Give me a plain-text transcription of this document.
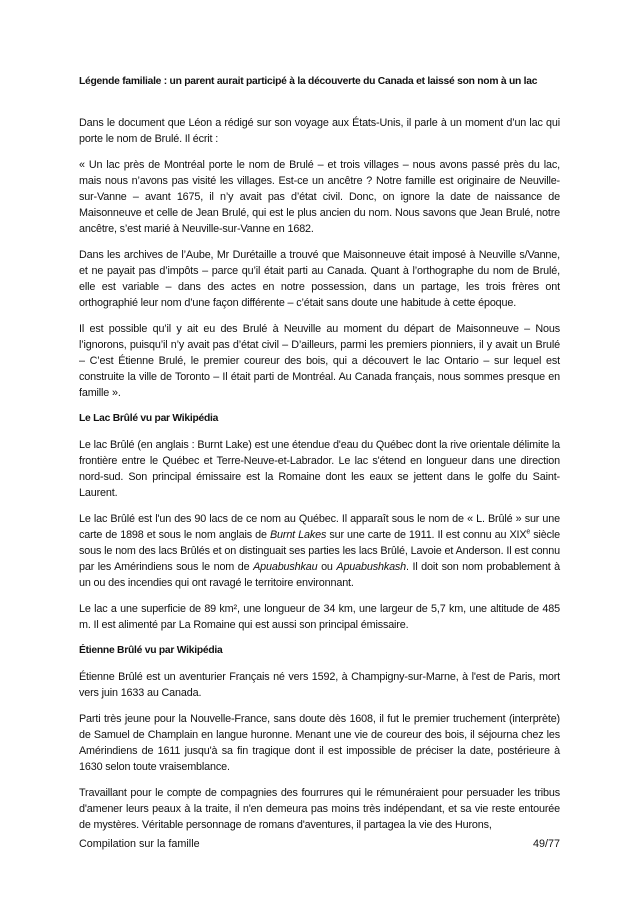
Légende familiale : un parent aurait participé à la découverte du Canada et laissé son nom à un lac

Dans le document que Léon a rédigé sur son voyage aux États-Unis, il parle à un moment d’un lac qui porte le nom de Brulé. Il écrit :

« Un lac près de Montréal porte le nom de Brulé – et trois villages – nous avons passé près du lac, mais nous n’avons pas visité les villages. Est-ce un ancêtre ? Notre famille est originaire de Neuville-sur-Vanne – avant 1675, il n’y avait pas d’état civil. Donc, on ignore la date de naissance de Maisonneuve et celle de Jean Brulé, qui est le plus ancien du nom. Nous savons que Jean Brulé, notre ancêtre, s’est marié à Neuville-sur-Vanne en 1682.

Dans les archives de l’Aube, Mr Durétaille a trouvé que Maisonneuve était imposé à Neuville s/Vanne, et ne payait pas d’impôts – parce qu’il était parti au Canada. Quant à l’orthographe du nom de Brulé, elle est variable – dans des actes en notre possession, dans un partage, les trois frères ont orthographié leur nom d’une façon différente – c’était sans doute une habitude à cette époque.

Il est possible qu’il y ait eu des Brulé à Neuville au moment du départ de Maisonneuve – Nous l’ignorons, puisqu’il n’y avait pas d’état civil – D’ailleurs, parmi les premiers pionniers, il y avait un Brulé – C’est Étienne Brulé, le premier coureur des bois, qui a découvert le lac Ontario – sur lequel est construite la ville de Toronto – Il était parti de Montréal. Au Canada français, nous sommes presque en famille ».

Le Lac Brûlé vu par Wikipédia

Le lac Brûlé (en anglais : Burnt Lake) est une étendue d'eau du Québec dont la rive orientale délimite la frontière entre le Québec et Terre-Neuve-et-Labrador. Le lac s'étend en longueur dans une direction nord-sud. Son principal émissaire est la Romaine dont les eaux se jettent dans le golfe du Saint-Laurent.

Le lac Brûlé est l'un des 90 lacs de ce nom au Québec. Il apparaît sous le nom de « L. Brûlé » sur une carte de 1898 et sous le nom anglais de Burnt Lakes sur une carte de 1911. Il est connu au XIXe siècle sous le nom des lacs Brûlés et on distinguait ses parties les lacs Brûlé, Lavoie et Anderson. Il est connu par les Amérindiens sous le nom de Apuabushkau ou Apuabushkash. Il doit son nom probablement à un ou des incendies qui ont ravagé le territoire environnant.

Le lac a une superficie de 89 km², une longueur de 34 km, une largeur de 5,7 km, une altitude de 485 m. Il est alimenté par La Romaine qui est aussi son principal émissaire.

Étienne Brûlé vu par Wikipédia

Étienne Brûlé est un aventurier Français né vers 1592, à Champigny-sur-Marne, à l'est de Paris, mort vers juin 1633 au Canada.

Parti très jeune pour la Nouvelle-France, sans doute dès 1608, il fut le premier truchement (interprète) de Samuel de Champlain en langue huronne. Menant une vie de coureur des bois, il séjourna chez les Amérindiens de 1611 jusqu'à sa fin tragique dont il est impossible de préciser la date, postérieure à 1630 selon toute vraisemblance.

Travaillant pour le compte de compagnies des fourrures qui le rémunéraient pour persuader les tribus d'amener leurs peaux à la traite, il n'en demeura pas moins très indépendant, et sa vie reste entourée de mystères. Véritable personnage de romans d'aventures, il partagea la vie des Hurons,

Compilation sur la famille	49/77
